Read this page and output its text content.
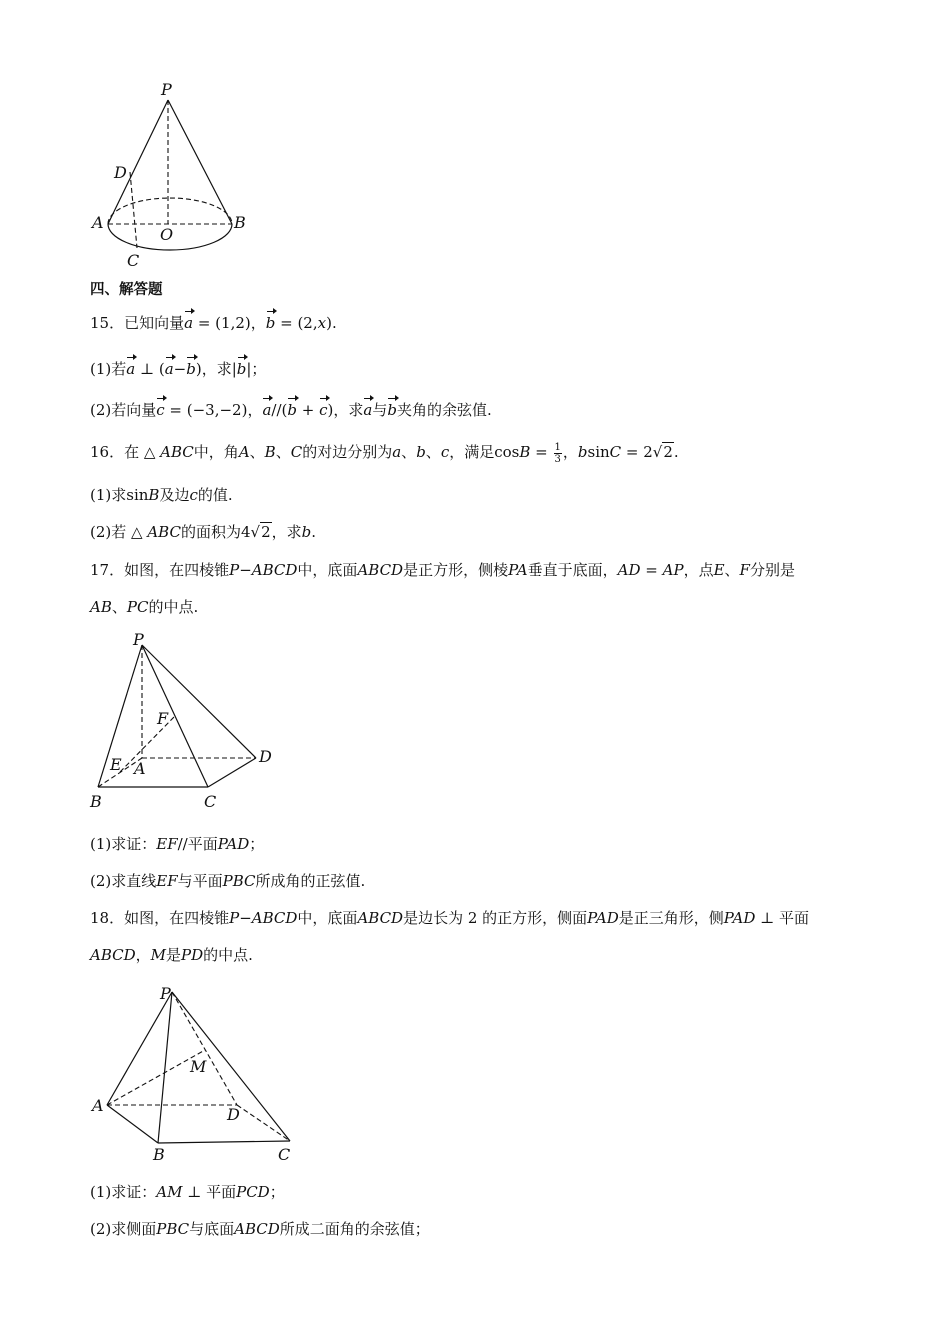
P
D
A
O
B
C
四、解答题
15．已知向量a = (1,2)，b = (2,x).
(1)若a ⊥ (a−b)，求|b|；
(2)若向量c = (−3,−2)，a//(b + c)，求a与b夹角的余弦值.
16．在 △ ABC中，角A、B、C的对边分别为a、b、c，满足$\cos B = \frac{1}{3}$ ，bsinC = 2√2.
(1)求sinB及边c的值.
(2)若 △ ABC的面积为4√2，求b.
17．如图，在四棱锥P−ABCD中，底面ABCD是正方形，侧棱PA垂直于底面，AD = AP，点E、F分别是
AB、PC的中点.
P
F
E A
D
B	C
(1)求证：EF//平面PAD；
(2)求直线EF与平面PBC所成角的正弦值.
18．如图，在四棱锥P−ABCD中，底面ABCD是边长为 2 的正方形，侧面PAD是正三角形，侧PAD ⊥ 平面
ABCD，M是PD的中点.
P
M
A	D
B	C
(1)求证：AM ⊥ 平面PCD；
(2)求侧面PBC与底面ABCD所成二面角的余弦值；
